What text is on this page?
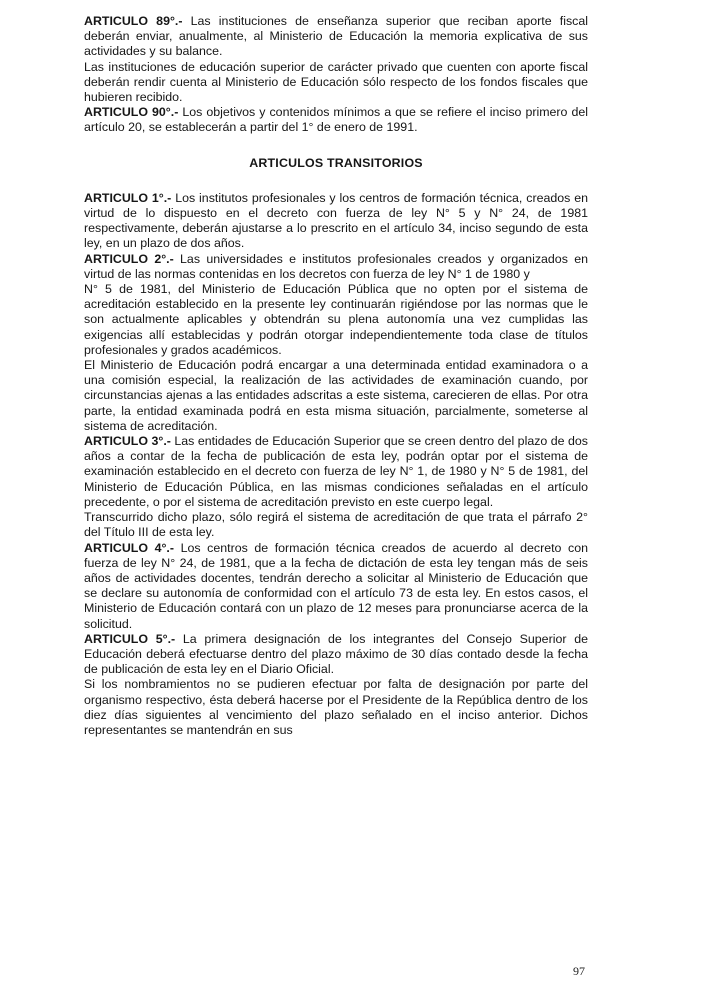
ARTICULO 89°.- Las instituciones de enseñanza superior que reciban aporte fiscal deberán enviar, anualmente, al Ministerio de Educación la memoria explicativa de sus actividades y su balance.

Las instituciones de educación superior de carácter privado que cuenten con aporte fiscal deberán rendir cuenta al Ministerio de Educación sólo respecto de los fondos fiscales que hubieren recibido.

ARTICULO 90°.- Los objetivos y contenidos mínimos a que se refiere el inciso primero del artículo 20, se establecerán a partir del 1° de enero de 1991.

ARTICULOS TRANSITORIOS

ARTICULO 1°.- Los institutos profesionales y los centros de formación técnica, creados en virtud de lo dispuesto en el decreto con fuerza de ley N° 5 y N° 24, de 1981 respectivamente, deberán ajustarse a lo prescrito en el artículo 34, inciso segundo de esta ley, en un plazo de dos años.

ARTICULO 2°.- Las universidades e institutos profesionales creados y organizados en virtud de las normas contenidas en los decretos con fuerza de ley N° 1 de 1980 y

N° 5 de 1981, del Ministerio de Educación Pública que no opten por el sistema de acreditación establecido en la presente ley continuarán rigiéndose por las normas que le son actualmente aplicables y obtendrán su plena autonomía una vez cumplidas las exigencias allí establecidas y podrán otorgar independientemente toda clase de títulos profesionales y grados académicos.

El Ministerio de Educación podrá encargar a una determinada entidad examinadora o a una comisión especial, la realización de las actividades de examinación cuando, por circunstancias ajenas a las entidades adscritas a este sistema, carecieren de ellas. Por otra parte, la entidad examinada podrá en esta misma situación, parcialmente, someterse al sistema de acreditación.

ARTICULO 3°.- Las entidades de Educación Superior que se creen dentro del plazo de dos años a contar de la fecha de publicación de esta ley, podrán optar por el sistema de examinación establecido en el decreto con fuerza de ley N° 1, de 1980 y N° 5 de 1981, del Ministerio de Educación Pública, en las mismas condiciones señaladas en el artículo precedente, o por el sistema de acreditación previsto en este cuerpo legal.

Transcurrido dicho plazo, sólo regirá el sistema de acreditación de que trata el párrafo 2° del Título III de esta ley.

ARTICULO 4°.- Los centros de formación técnica creados de acuerdo al decreto con fuerza de ley N° 24, de 1981, que a la fecha de dictación de esta ley tengan más de seis años de actividades docentes, tendrán derecho a solicitar al Ministerio de Educación que se declare su autonomía de conformidad con el artículo 73 de esta ley. En estos casos, el Ministerio de Educación contará con un plazo de 12 meses para pronunciarse acerca de la solicitud.

ARTICULO 5°.- La primera designación de los integrantes del Consejo Superior de Educación deberá efectuarse dentro del plazo máximo de 30 días contado desde la fecha de publicación de esta ley en el Diario Oficial.

Si los nombramientos no se pudieren efectuar por falta de designación por parte del organismo respectivo, ésta deberá hacerse por el Presidente de la República dentro de los diez días siguientes al vencimiento del plazo señalado en el inciso anterior. Dichos representantes se mantendrán en sus

97
